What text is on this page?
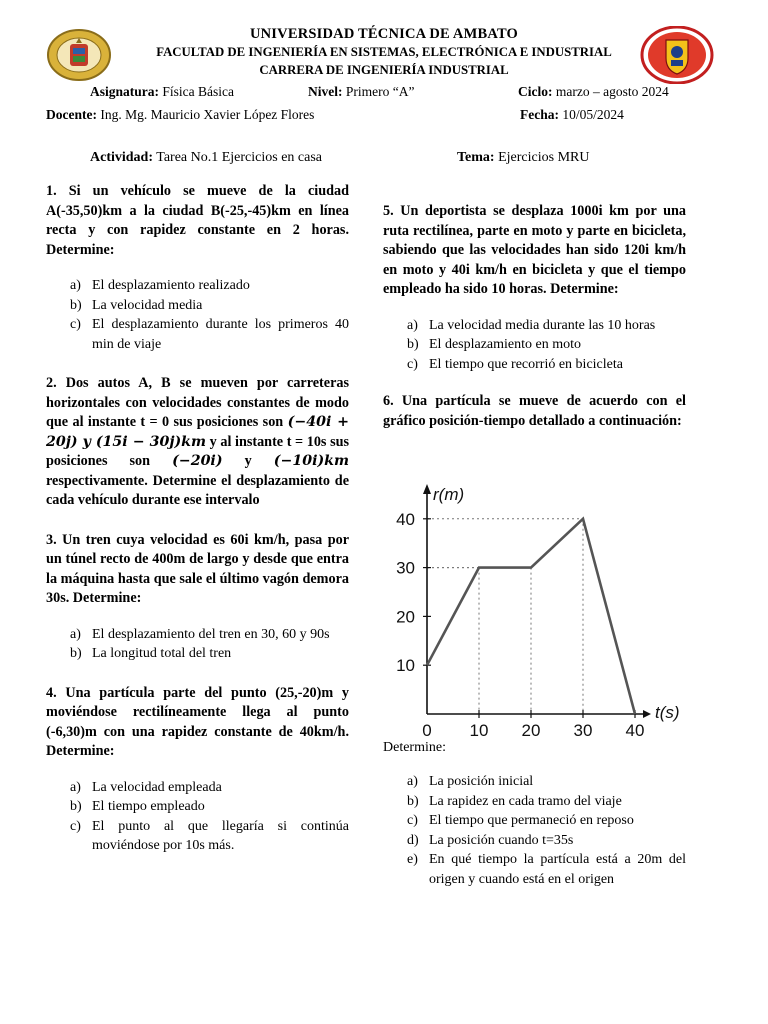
UNIVERSIDAD TÉCNICA DE AMBATO
FACULTAD DE INGENIERÍA EN SISTEMAS, ELECTRÓNICA E INDUSTRIAL
CARRERA DE INGENIERÍA INDUSTRIAL
Asignatura: Física Básica	Nivel: Primero “A”	Ciclo: marzo – agosto 2024
Docente: Ing. Mg. Mauricio Xavier López Flores	Fecha: 10/05/2024
Actividad: Tarea No.1 Ejercicios en casa	Tema: Ejercicios MRU
1. Si un vehículo se mueve de la ciudad A(-35,50)km a la ciudad B(-25,-45)km en línea recta y con rapidez constante en 2 horas. Determine:
a) El desplazamiento realizado
b) La velocidad media
c) El desplazamiento durante los primeros 40 min de viaje
2. Dos autos A, B se mueven por carreteras horizontales con velocidades constantes de modo que al instante t = 0 sus posiciones son (−40i + 20j) y (15i − 30j)km y al instante t = 10s sus posiciones son (−20i) y (−10i)km respectivamente. Determine el desplazamiento de cada vehículo durante ese intervalo
3. Un tren cuya velocidad es 60i km/h, pasa por un túnel recto de 400m de largo y desde que entra la máquina hasta que sale el último vagón demora 30s. Determine:
a) El desplazamiento del tren en 30, 60 y 90s
b) La longitud total del tren
4. Una partícula parte del punto (25,-20)m y moviéndose rectilíneamente llega al punto (-6,30)m con una rapidez constante de 40km/h. Determine:
a) La velocidad empleada
b) El tiempo empleado
c) El punto al que llegaría si continúa moviéndose por 10s más.
5. Un deportista se desplaza 1000i km por una ruta rectilínea, parte en moto y parte en bicicleta, sabiendo que las velocidades han sido 120i km/h en moto y 40i km/h en bicicleta y que el tiempo empleado ha sido 10 horas. Determine:
a) La velocidad media durante las 10 horas
b) El desplazamiento en moto
c) El tiempo que recorrió en bicicleta
6. Una partícula se mueve de acuerdo con el gráfico posición-tiempo detallado a continuación:
0 10 20 30 40
10
20
30
40
r(m)
t(s)
Determine:
a) La posición inicial
b) La rapidez en cada tramo del viaje
c) El tiempo que permaneció en reposo
d) La posición cuando t=35s
e) En qué tiempo la partícula está a 20m del origen y cuando está en el origen
